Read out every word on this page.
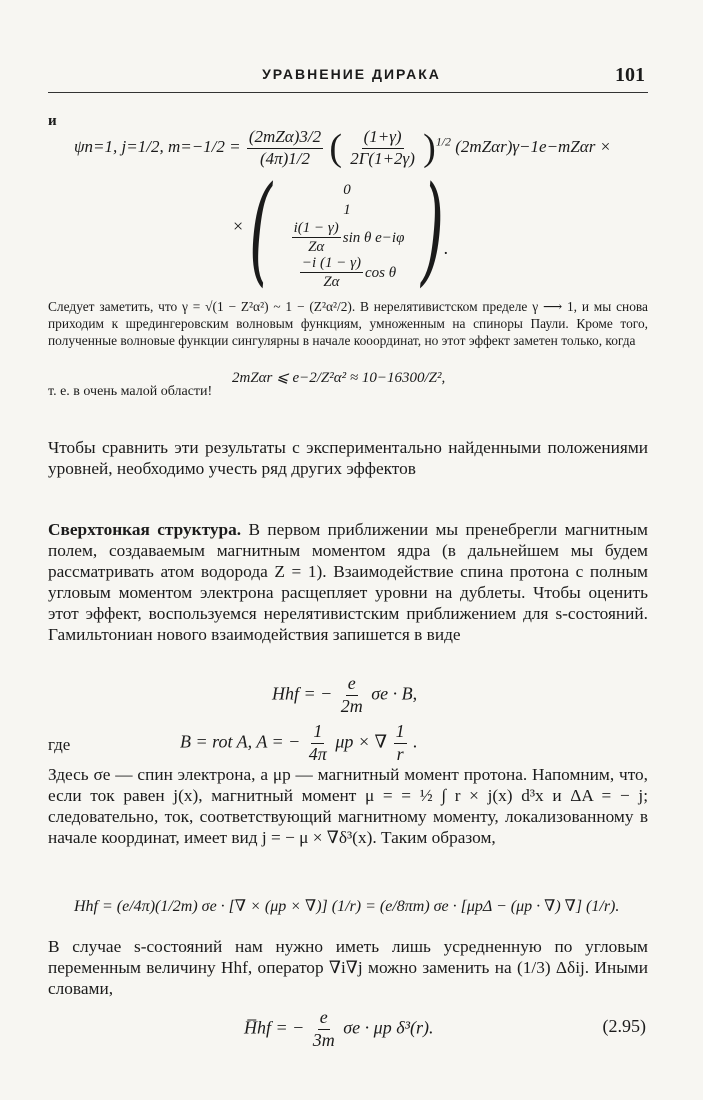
УРАВНЕНИЕ ДИРАКА	101
и
ψn=1, j=1/2, $m=-1/2 = \frac{\text{(2mZα)3/2}}{(4\pi)1/2}$ ( $\frac{(1+\gamma)}{2\Gamma(1+2\gamma)} )^{1/2}$ (2mZαr)γ−1e−mZαr ×
× (	0
1
$\frac{i(1 - \gamma)}{Z\alpha}$ sin θ e−iφ
$\frac{-i (1 - \gamma)}{Z\alpha}$ cos θ ) .
Следует заметить, что γ = √(1 − Z²α²) ~ 1 − (Z²α²/2). В нерелятивистском пределе γ ⟶ 1, и мы снова приходим к шредингеровским волновым функциям, умноженным на спиноры Паули. Кроме того, полученные волновые функции сингулярны в начале кооординат, но этот эффект заметен только, когда
2mZαr ⩽ e−2/Z²α² ≈ 10−16300/Z²,
т. е. в очень малой области!
Чтобы сравнить эти результаты с экспериментально найденными положениями уровней, необходимо учесть ряд других эффектов
Сверхтонкая структура. В первом приближении мы пренебрегли магнитным полем, создаваемым магнитным моментом ядра (в дальнейшем мы будем рассматривать атом водорода Z = 1). Взаимодействие спина протона с полным угловым моментом электрона расщепляет уровни на дублеты. Чтобы оценить этот эффект, воспользуемся нерелятивистским приближением для s-состояний. Гамильтониан нового взаимодействия запишется в виде
Hhf = − $\frac{e}{2m}$ σe · B,
где	B = rot A, A = − $\frac{1}{4\pi}$ μp × ∇ $\frac{1}{r}$ .
Здесь σe — спин электрона, а μp — магнитный момент протона. Напомним, что, если ток равен j(x), магнитный момент μ = = ½ ∫ r × j(x) d³x и ΔA = − j; следовательно, ток, соответствующий магнитному моменту, локализованному в начале координат, имеет вид j = − μ × ∇δ³(x). Таким образом,
Hhf = (e/4π)(1/2m) σe · [∇ × (μp × ∇)] (1/r) = (e/8πm) σe · [μpΔ − (μp · ∇) ∇] (1/r).
В случае s-состояний нам нужно иметь лишь усредненную по угловым переменным величину Hhf, оператор ∇i∇j можно заменить на (1/3) Δδij. Иными словами,
H̅hf = − $\frac{e}{3m}$ σe · μp δ³(r).	(2.95)
